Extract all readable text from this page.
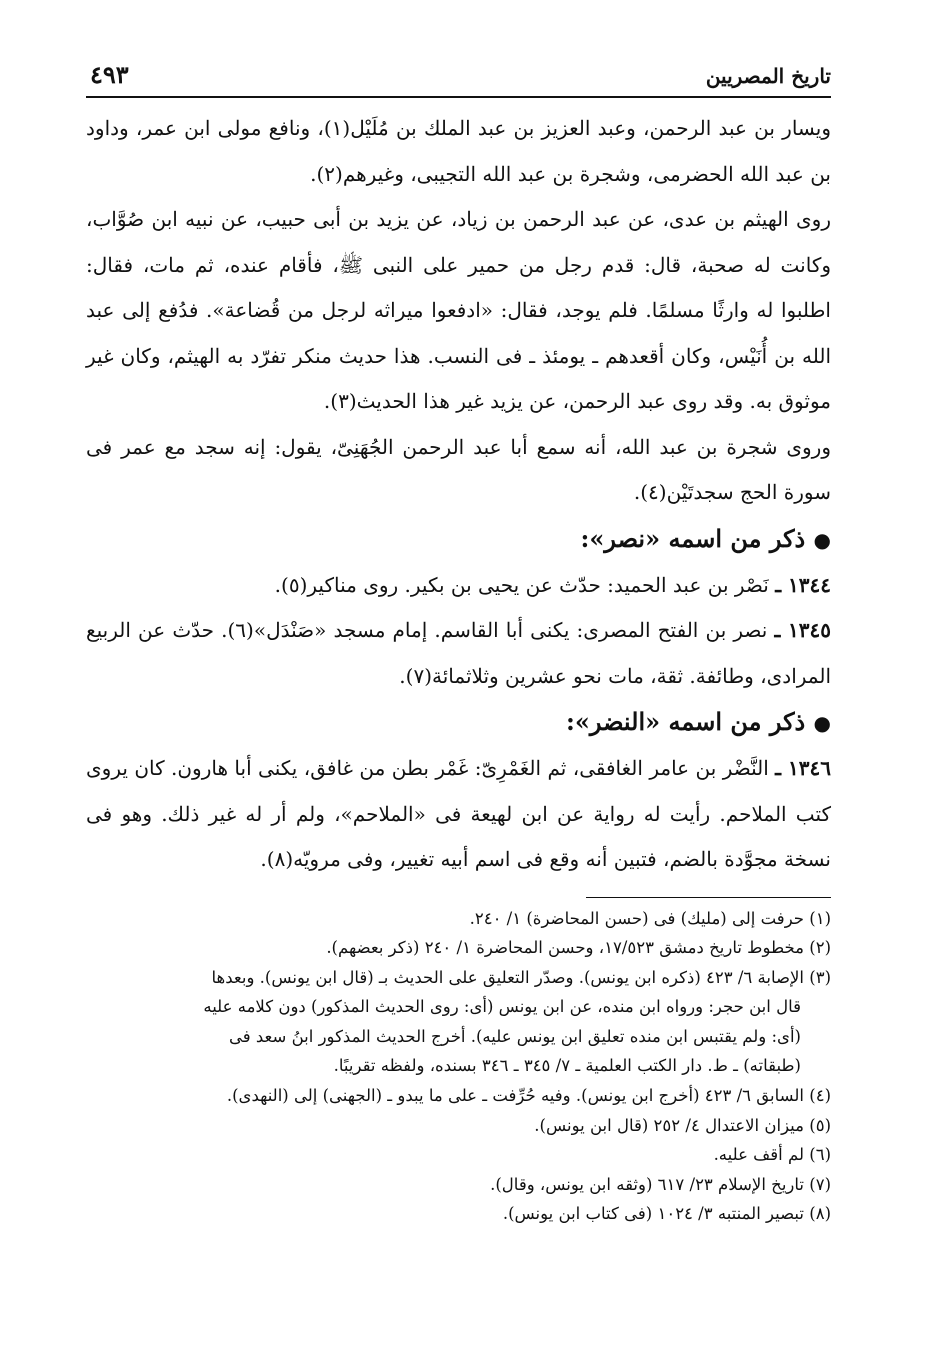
تاريخ المصريين
٤٩٣

ويسار بن عبد الرحمن، وعبد العزيز بن عبد الملك بن مُلَيْل(١)، ونافع مولى ابن عمر، وداود بن عبد الله الحضرمى، وشجرة بن عبد الله التجيبى، وغيرهم(٢).

روى الهيثم بن عدى، عن عبد الرحمن بن زياد، عن يزيد بن أبى حبيب، عن نبيه ابن صُوَّاب، وكانت له صحبة، قال: قدم رجل من حمير على النبى ﷺ، فأقام عنده، ثم مات، فقال: اطلبوا له وارثًا مسلمًا. فلم يوجد، فقال: «ادفعوا ميراثه لرجل من قُضاعة». فدُفع إلى عبد الله بن أُنَيْس، وكان أقعدهم ـ يومئذ ـ فى النسب. هذا حديث منكر تفرّد به الهيثم، وكان غير موثوق به. وقد روى عبد الرحمن، عن يزيد غير هذا الحديث(٣).

وروى شجرة بن عبد الله، أنه سمع أبا عبد الرحمن الجُهَنِىّ، يقول: إنه سجد مع عمر فى سورة الحج سجدتَيْن(٤).

● ذكر من اسمه «نصر»:

١٣٤٤ ـ نَصْر بن عبد الحميد: حدّث عن يحيى بن بكير. روى مناكير(٥).

١٣٤٥ ـ نصر بن الفتح المصرى: يكنى أبا القاسم. إمام مسجد «صَنْدَل»(٦). حدّث عن الربيع المرادى، وطائفة. ثقة، مات نحو عشرين وثلاثمائة(٧).

● ذكر من اسمه «النضر»:

١٣٤٦ ـ النَّضْر بن عامر الغافقى، ثم الغَمْرِىّ: غَمْر بطن من غافق، يكنى أبا هارون. كان يروى كتب الملاحم. رأيت له رواية عن ابن لهيعة فى «الملاحم»، ولم أر له غير ذلك. وهو فى نسخة مجوَّدة بالضم، فتبين أنه وقع فى اسم أبيه تغيير، وفى مرويّه(٨).

(١) حرفت إلى (مليك) فى (حسن المحاضرة) ١/ ٢٤٠.

(٢) مخطوط تاريخ دمشق ١٧/٥٢٣، وحسن المحاضرة ١/ ٢٤٠ (ذكر بعضهم).

(٣) الإصابة ٦/ ٤٢٣ (ذكره ابن يونس). وصدّر التعليق على الحديث بـ (قال ابن يونس). وبعدها

قال ابن حجر: ورواه ابن منده، عن ابن يونس (أى: روى الحديث المذكور) دون كلامه عليه

(أى: ولم يقتبس ابن منده تعليق ابن يونس عليه). أخرج الحديث المذكور ابنُ سعد فى

(طبقاته) ـ ط. دار الكتب العلمية ـ ٧/ ٣٤٥ ـ ٣٤٦ بسنده، ولفظه تقريبًا.

(٤) السابق ٦/ ٤٢٣ (أخرج ابن يونس). وفيه حُرِّفت ـ على ما يبدو ـ (الجهنى) إلى (النهدى).

(٥) ميزان الاعتدال ٤/ ٢٥٢ (قال ابن يونس).

(٦) لم أقف عليه.

(٧) تاريخ الإسلام ٢٣/ ٦١٧ (وثقه ابن يونس، وقال).

(٨) تبصير المنتبه ٣/ ١٠٢٤ (فى كتاب ابن يونس).
